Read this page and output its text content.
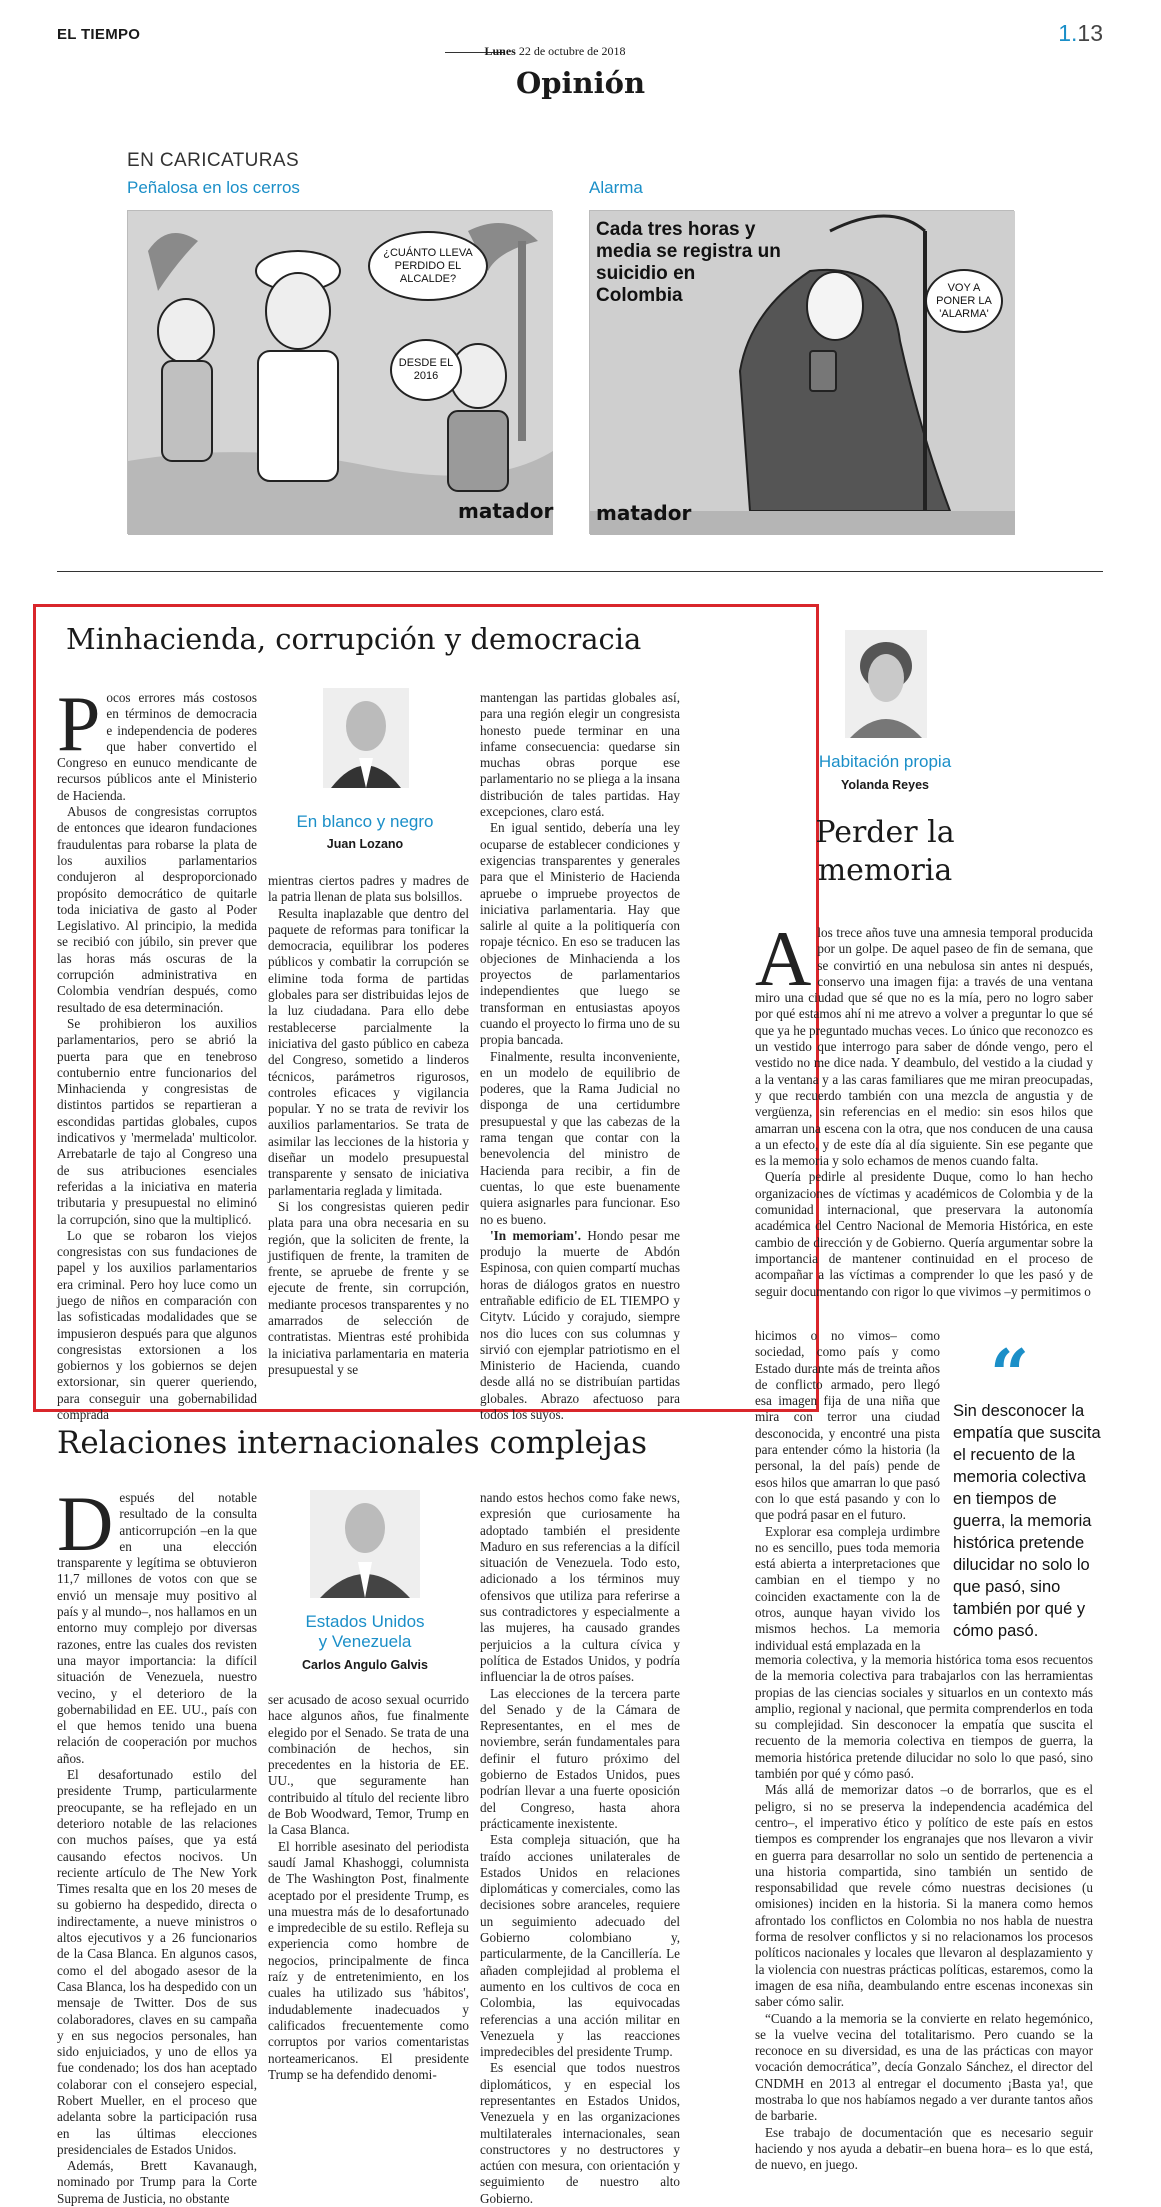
EL TIEMPO
Lunes 22 de octubre de 2018
1.13
Opinión
EN CARICATURAS
Peñalosa en los cerros	Alarma
¿CUÁNTO LLEVA PERDIDO EL ALCALDE?
DESDE EL 2016
matador
Cada tres horas y media se registra un suicidio en Colombia	VOY A PONER LA 'ALARMA'
matador
Minhacienda, corrupción y democracia

Pocos errores más costosos en términos de democracia e independencia de poderes que haber convertido el Congreso en eunuco mendicante de recursos públicos ante el Ministerio de Hacienda.

Abusos de congresistas corruptos de entonces que idearon fundaciones fraudulentas para robarse la plata de los auxilios parlamentarios condujeron al desproporcionado propósito democrático de quitarle toda iniciativa de gasto al Poder Legislativo. Al principio, la medida se recibió con júbilo, sin prever que las horas más oscuras de la corrupción administrativa en Colombia vendrían después, como resultado de esa determinación.

Se prohibieron los auxilios parlamentarios, pero se abrió la puerta para que en tenebroso contubernio entre funcionarios del Minhacienda y congresistas de distintos partidos se repartieran a escondidas partidas globales, cupos indicativos y 'mermelada' multicolor. Arrebatarle de tajo al Congreso una de sus atribuciones esenciales referidas a la iniciativa en materia tributaria y presupuestal no eliminó la corrupción, sino que la multiplicó.

Lo que se robaron los viejos congresistas con sus fundaciones de papel y los auxilios parlamentarios era criminal. Pero hoy luce como un juego de niños en comparación con las sofisticadas modalidades que se impusieron después para que algunos congresistas extorsionen a los gobiernos y los gobiernos se dejen extorsionar, sin querer queriendo, para conseguir una gobernabilidad comprada

En blanco y negro
Juan Lozano

mientras ciertos padres y madres de la patria llenan de plata sus bolsillos.

Resulta inaplazable que dentro del paquete de reformas para tonificar la democracia, equilibrar los poderes públicos y combatir la corrupción se elimine toda forma de partidas globales para ser distribuidas lejos de la luz ciudadana. Para ello debe restablecerse parcialmente la iniciativa del gasto público en cabeza del Congreso, sometido a linderos técnicos, parámetros rigurosos, controles eficaces y vigilancia popular. Y no se trata de revivir los auxilios parlamentarios. Se trata de asimilar las lecciones de la historia y diseñar un modelo presupuestal transparente y sensato de iniciativa parlamentaria reglada y limitada.

Si los congresistas quieren pedir plata para una obra necesaria en su región, que la soliciten de frente, la justifiquen de frente, la tramiten de frente, se apruebe de frente y se ejecute de frente, sin corrupción, mediante procesos transparentes y no amarrados de selección de contratistas. Mientras esté prohibida la iniciativa parlamentaria en materia presupuestal y se

mantengan las partidas globales así, para una región elegir un congresista honesto puede terminar en una infame consecuencia: quedarse sin muchas obras porque ese parlamentario no se pliega a la insana distribución de tales partidas. Hay excepciones, claro está.

En igual sentido, debería una ley ocuparse de establecer condiciones y exigencias transparentes y generales para que el Ministerio de Hacienda apruebe o impruebe proyectos de iniciativa parlamentaria. Hay que salirle al quite a la politiquería con ropaje técnico. En eso se traducen las objeciones de Minhacienda a los proyectos de parlamentarios independientes que luego se transforman en entusiastas apoyos cuando el proyecto lo firma uno de su propia bancada.

Finalmente, resulta inconveniente, en un modelo de equilibrio de poderes, que la Rama Judicial no disponga de una certidumbre presupuestal y que las cabezas de la rama tengan que contar con la benevolencia del ministro de Hacienda para recibir, a fin de cuentas, lo que este buenamente quiera asignarles para funcionar. Eso no es bueno.

'In memoriam'. Hondo pesar me produjo la muerte de Abdón Espinosa, con quien compartí muchas horas de diálogos gratos en nuestro entrañable edificio de EL TIEMPO y Citytv. Lúcido y corajudo, siempre nos dio luces con sus columnas y sirvió con ejemplar patriotismo en el Ministerio de Hacienda, cuando desde allá no se distribuían partidas globales. Abrazo afectuoso para todos los suyos.

Habitación propia
Yolanda Reyes
Perder la
memoria

Alos trece años tuve una amnesia temporal producida por un golpe. De aquel paseo de fin de semana, que se convirtió en una nebulosa sin antes ni después, conservo una imagen fija: a través de una ventana miro una ciudad que sé que no es la mía, pero no logro saber por qué estamos ahí ni me atrevo a volver a preguntar lo que sé que ya he preguntado muchas veces. Lo único que reconozco es un vestido que interrogo para saber de dónde vengo, pero el vestido no me dice nada. Y deambulo, del vestido a la ciudad y a la ventana y a las caras familiares que me miran preocupadas, y que recuerdo también con una mezcla de angustia y de vergüenza, sin referencias en el medio: sin esos hilos que amarran una escena con la otra, que nos conducen de una causa a un efecto, y de este día al día siguiente. Sin ese pegante que es la memoria y solo echamos de menos cuando falta.

Quería pedirle al presidente Duque, como lo han hecho organizaciones de víctimas y académicos de Colombia y de la comunidad internacional, que preservara la autonomía académica del Centro Nacional de Memoria Histórica, en este cambio de dirección y de Gobierno. Quería argumentar sobre la importancia de mantener continuidad en el proceso de acompañar a las víctimas a comprender lo que les pasó y de seguir documentando con rigor lo que vivimos –y permitimos o

hicimos o no vimos– como sociedad, como país y como Estado durante más de treinta años de conflicto armado, pero llegó esa imagen fija de una niña que mira con terror una ciudad desconocida, y encontré una pista para entender cómo la historia (la personal, la del país) pende de esos hilos que amarran lo que pasó con lo que está pasando y con lo que podrá pasar en el futuro.

Explorar esa compleja urdimbre no es sencillo, pues toda memoria está abierta a interpretaciones que cambian en el tiempo y no coinciden exactamente con la de otros, aunque hayan vivido los mismos hechos. La memoria individual está emplazada en la

“
Sin desconocer la empatía que suscita el recuento de la memoria colectiva en tiempos de guerra, la memoria histórica pretende dilucidar no solo lo que pasó, sino también por qué y cómo pasó.

memoria colectiva, y la memoria histórica toma esos recuentos de la memoria colectiva para trabajarlos con las herramientas propias de las ciencias sociales y situarlos en un contexto más amplio, regional y nacional, que permita comprenderlos en toda su complejidad. Sin desconocer la empatía que suscita el recuento de la memoria colectiva en tiempos de guerra, la memoria histórica pretende dilucidar no solo lo que pasó, sino también por qué y cómo pasó.

Más allá de memorizar datos –o de borrarlos, que es el peligro, si no se preserva la independencia académica del centro–, el imperativo ético y político de este país en estos tiempos es comprender los engranajes que nos llevaron a vivir en guerra para desarrollar no solo un sentido de pertenencia a una historia compartida, sino también un sentido de responsabilidad que revele cómo nuestras decisiones (u omisiones) inciden en la historia. Si la manera como hemos afrontado los conflictos en Colombia no nos habla de nuestra forma de resolver conflictos y si no relacionamos los procesos políticos nacionales y locales que llevaron al desplazamiento y la violencia con nuestras prácticas políticas, estaremos, como la imagen de esa niña, deambulando entre escenas inconexas sin saber cómo salir.

“Cuando a la memoria se la convierte en relato hegemónico, se la vuelve vecina del totalitarismo. Pero cuando se la reconoce en su diversidad, es una de las prácticas con mayor vocación democrática”, decía Gonzalo Sánchez, el director del CNDMH en 2013 al entregar el documento ¡Basta ya!, que mostraba lo que nos habíamos negado a ver durante tantos años de barbarie.

Ese trabajo de documentación que es necesario seguir haciendo y nos ayuda a debatir–en buena hora– es lo que está, de nuevo, en juego.

Relaciones internacionales complejas

Después del notable resultado de la consulta anticorrupción –en la que en una elección transparente y legítima se obtuvieron 11,7 millones de votos con que se envió un mensaje muy positivo al país y al mundo–, nos hallamos en un entorno muy complejo por diversas razones, entre las cuales dos revisten una mayor importancia: la difícil situación de Venezuela, nuestro vecino, y el deterioro de la gobernabilidad en EE. UU., país con el que hemos tenido una buena relación de cooperación por muchos años.

El desafortunado estilo del presidente Trump, particularmente preocupante, se ha reflejado en un deterioro notable de las relaciones con muchos países, que ya está causando efectos nocivos. Un reciente artículo de The New York Times resalta que en los 20 meses de su gobierno ha despedido, directa o indirectamente, a nueve ministros o altos ejecutivos y a 26 funcionarios de la Casa Blanca. En algunos casos, como el del abogado asesor de la Casa Blanca, los ha despedido con un mensaje de Twitter. Dos de sus colaboradores, claves en su campaña y en sus negocios personales, han sido enjuiciados, y uno de ellos ya fue condenado; los dos han aceptado colaborar con el consejero especial, Robert Mueller, en el proceso que adelanta sobre la participación rusa en las últimas elecciones presidenciales de Estados Unidos.

Además, Brett Kavanaugh, nominado por Trump para la Corte Suprema de Justicia, no obstante

Estados Unidos
y Venezuela
Carlos Angulo Galvis

ser acusado de acoso sexual ocurrido hace algunos años, fue finalmente elegido por el Senado. Se trata de una combinación de hechos, sin precedentes en la historia de EE. UU., que seguramente han contribuido al título del reciente libro de Bob Woodward, Temor, Trump en la Casa Blanca.

El horrible asesinato del periodista saudí Jamal Khashoggi, columnista de The Washington Post, finalmente aceptado por el presidente Trump, es una muestra más de lo desafortunado e impredecible de su estilo. Refleja su experiencia como hombre de negocios, principalmente de finca raíz y de entretenimiento, en los cuales ha utilizado sus 'hábitos', indudablemente inadecuados y calificados frecuentemente como corruptos por varios comentaristas norteamericanos. El presidente Trump se ha defendido denomi-

nando estos hechos como fake news, expresión que curiosamente ha adoptado también el presidente Maduro en sus referencias a la difícil situación de Venezuela. Todo esto, adicionado a los términos muy ofensivos que utiliza para referirse a sus contradictores y especialmente a las mujeres, ha causado grandes perjuicios a la cultura cívica y política de Estados Unidos, y podría influenciar la de otros países.

Las elecciones de la tercera parte del Senado y de la Cámara de Representantes, en el mes de noviembre, serán fundamentales para definir el futuro próximo del gobierno de Estados Unidos, pues podrían llevar a una fuerte oposición del Congreso, hasta ahora prácticamente inexistente.

Esta compleja situación, que ha traído acciones unilaterales de Estados Unidos en relaciones diplomáticas y comerciales, como las decisiones sobre aranceles, requiere un seguimiento adecuado del Gobierno colombiano y, particularmente, de la Cancillería. Le añaden complejidad al problema el aumento en los cultivos de coca en Colombia, las equivocadas referencias a una acción militar en Venezuela y las reacciones impredecibles del presidente Trump.

Es esencial que todos nuestros diplomáticos, y en especial los representantes en Estados Unidos, Venezuela y en las organizaciones multilaterales internacionales, sean constructores y no destructores y actúen con mesura, con orientación y seguimiento de nuestro alto Gobierno.
